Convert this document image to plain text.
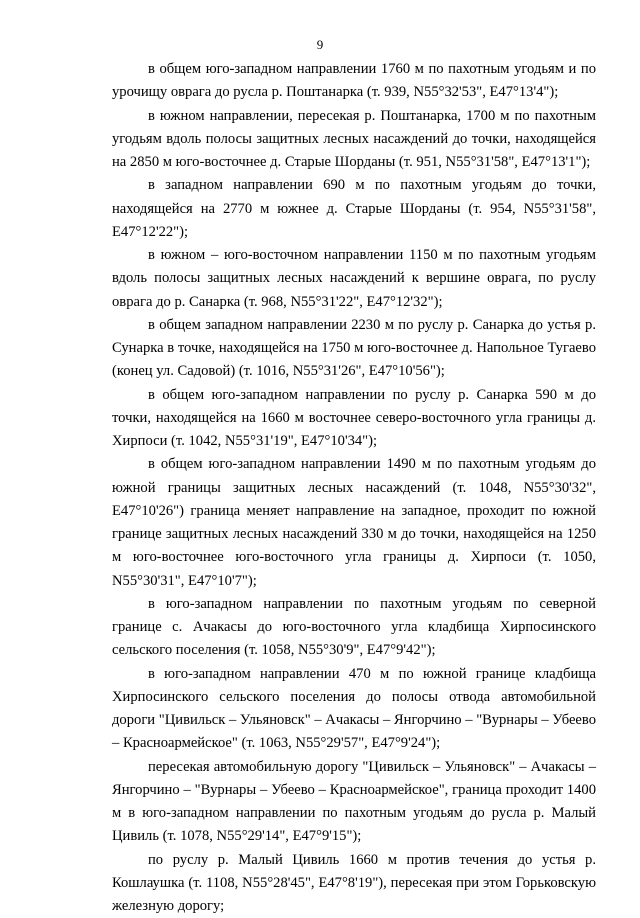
9

в общем юго-западном направлении 1760 м по пахотным угодьям и по урочищу оврага до русла р. Поштанарка (т. 939, N55°32'53", E47°13'4");

в южном направлении, пересекая р. Поштанарка, 1700 м по пахотным угодьям вдоль полосы защитных лесных насаждений до точки, находящейся на 2850 м юго-восточнее д. Старые Шорданы (т. 951, N55°31'58", E47°13'1");

в западном направлении 690 м по пахотным угодьям до точки, находящейся на 2770 м южнее д. Старые Шорданы (т. 954, N55°31'58", E47°12'22");

в южном – юго-восточном направлении 1150 м по пахотным угодьям вдоль полосы защитных лесных насаждений к вершине оврага, по руслу оврага до р. Санарка (т. 968, N55°31'22", E47°12'32");

в общем западном направлении 2230 м по руслу р. Санарка до устья р. Сунарка в точке, находящейся на 1750 м юго-восточнее д. Напольное Тугаево (конец ул. Садовой) (т. 1016, N55°31'26", E47°10'56");

в общем юго-западном направлении по руслу р. Санарка 590 м до точки, находящейся на 1660 м восточнее северо-восточного угла границы д. Хирпоси (т. 1042, N55°31'19", E47°10'34");

в общем юго-западном направлении 1490 м по пахотным угодьям до южной границы защитных лесных насаждений (т. 1048, N55°30'32", E47°10'26") граница меняет направление на западное, проходит по южной границе защитных лесных насаждений 330 м до точки, находящейся на 1250 м юго-восточнее юго-восточного угла границы д. Хирпоси (т. 1050, N55°30'31", E47°10'7");

в юго-западном направлении по пахотным угодьям по северной границе с. Ачакасы до юго-восточного угла кладбища Хирпосинского сельского поселения (т. 1058, N55°30'9", E47°9'42");

в юго-западном направлении 470 м по южной границе кладбища Хирпосинского сельского поселения до полосы отвода автомобильной дороги "Цивильск – Ульяновск" – Ачакасы – Янгорчино – "Вурнары – Убеево – Красноармейское" (т. 1063, N55°29'57", E47°9'24");

пересекая автомобильную дорогу "Цивильск – Ульяновск" – Ачакасы – Янгорчино – "Вурнары – Убеево – Красноармейское", граница проходит 1400 м в юго-западном направлении по пахотным угодьям до русла р. Малый Цивиль (т. 1078, N55°29'14", E47°9'15");

по руслу р. Малый Цивиль 1660 м против течения до устья р. Кошлаушка (т. 1108, N55°28'45", E47°8'19"), пересекая при этом Горьковскую железную дорогу;
